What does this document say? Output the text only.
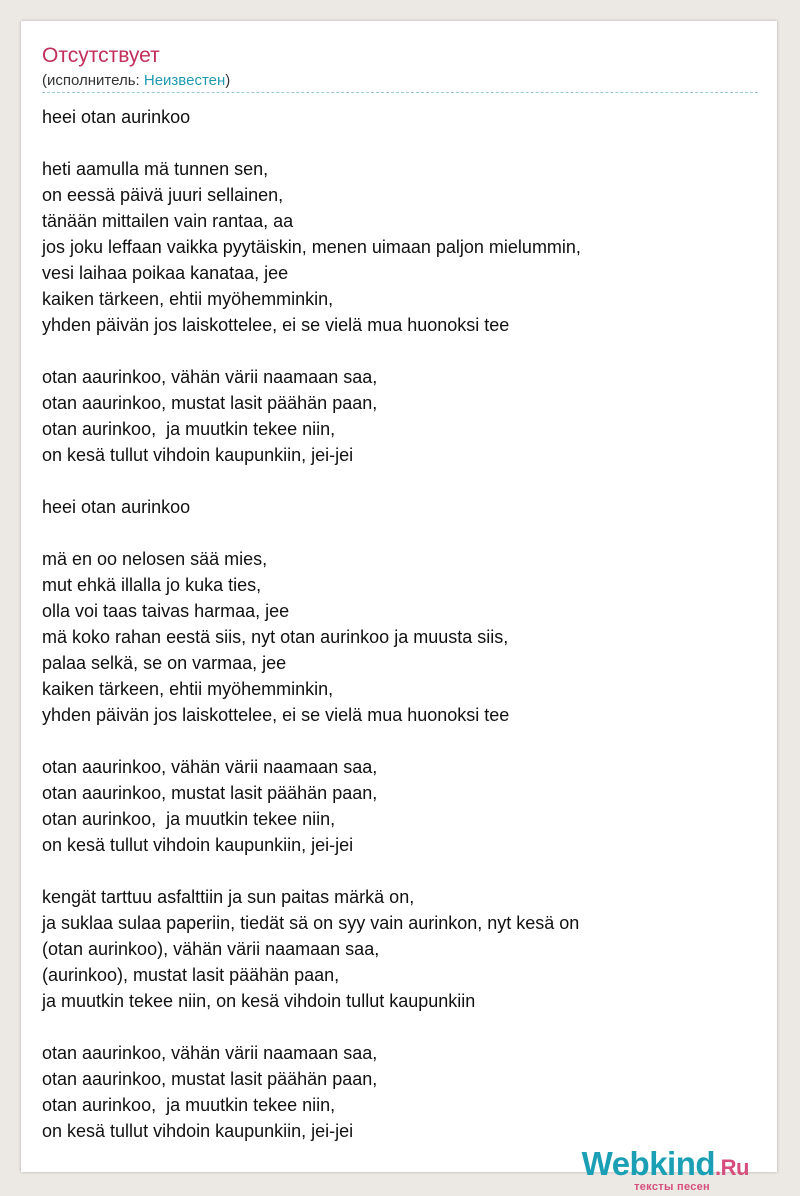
Отсутствует
(исполнитель: Неизвестен)
heei otan aurinkoo
heti aamulla mä tunnen sen,
on eessä päivä juuri sellainen,
tänään mittailen vain rantaa, aa
jos joku leffaan vaikka pyytäiskin, menen uimaan paljon mielummin,
vesi laihaa poikaa kanataa, jee
kaiken tärkeen, ehtii myöhemminkin,
yhden päivän jos laiskottelee, ei se vielä mua huonoksi tee
otan aaurinkoo, vähän värii naamaan saa,
otan aaurinkoo, mustat lasit päähän paan,
otan aurinkoo,  ja muutkin tekee niin,
on kesä tullut vihdoin kaupunkiin, jei-jei
heei otan aurinkoo
mä en oo nelosen sää mies,
mut ehkä illalla jo kuka ties,
olla voi taas taivas harmaa, jee
mä koko rahan eestä siis, nyt otan aurinkoo ja muusta siis,
palaa selkä, se on varmaa, jee
kaiken tärkeen, ehtii myöhemminkin,
yhden päivän jos laiskottelee, ei se vielä mua huonoksi tee
otan aaurinkoo, vähän värii naamaan saa,
otan aaurinkoo, mustat lasit päähän paan,
otan aurinkoo,  ja muutkin tekee niin,
on kesä tullut vihdoin kaupunkiin, jei-jei
kengät tarttuu asfalttiin ja sun paitas märkä on,
ja suklaa sulaa paperiin, tiedät sä on syy vain aurinkon, nyt kesä on
(otan aurinkoo), vähän värii naamaan saa,
(aurinkoo), mustat lasit päähän paan,
ja muutkin tekee niin, on kesä vihdoin tullut kaupunkiin
otan aaurinkoo, vähän värii naamaan saa,
otan aaurinkoo, mustat lasit päähän paan,
otan aurinkoo,  ja muutkin tekee niin,
on kesä tullut vihdoin kaupunkiin, jei-jei
Webkind.Ru
тексты песен
